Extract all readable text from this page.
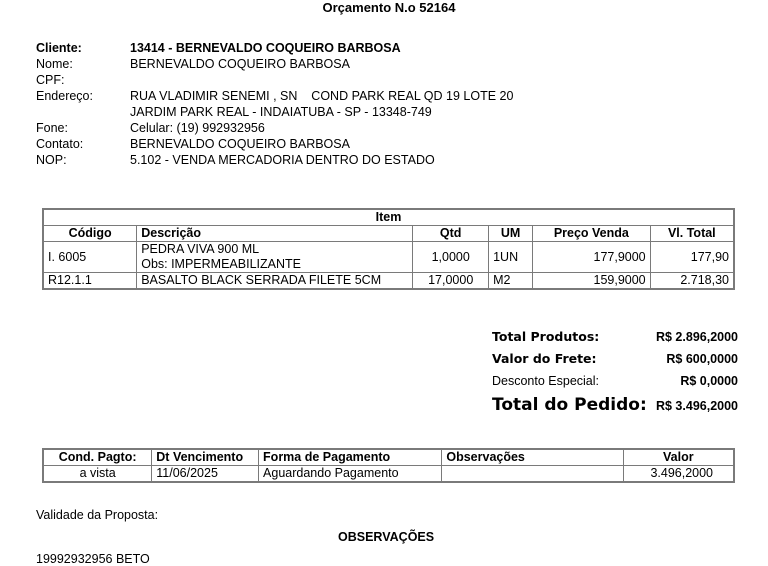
Orçamento N.o 52164
Cliente:	13414 - BERNEVALDO COQUEIRO BARBOSA
Nome:	BERNEVALDO COQUEIRO BARBOSA
CPF:	
Endereço:	RUA VLADIMIR SENEMI , SN    COND PARK REAL QD 19 LOTE 20
JARDIM PARK REAL - INDAIATUBA - SP - 13348-749

Fone:	Celular: (19) 992932956
Contato:	BERNEVALDO COQUEIRO BARBOSA
NOP:	5.102 - VENDA MERCADORIA DENTRO DO ESTADO
Item					
Código	Descrição	Qtd	UM	Preço Venda	Vl. Total
I. 6005	PEDRA VIVA 900 ML
Obs: IMPERMEABILIZANTE	1,0000	1UN	177,9000	177,90
R12.1.1	BASALTO BLACK SERRADA FILETE 5CM	17,0000	M2	159,9000	2.718,30
Total Produtos:	R$ 2.896,2000
Valor do Frete:	R$ 600,0000
Desconto Especial:	R$ 0,0000
Total do Pedido: R$ 3.496,2000
Cond. Pagto:	Dt Vencimento	Forma de Pagamento	Observações	Valor
a vista	11/06/2025	Aguardando Pagamento		3.496,2000
Validade da Proposta:
OBSERVAÇÕES
19992932956 BETO
